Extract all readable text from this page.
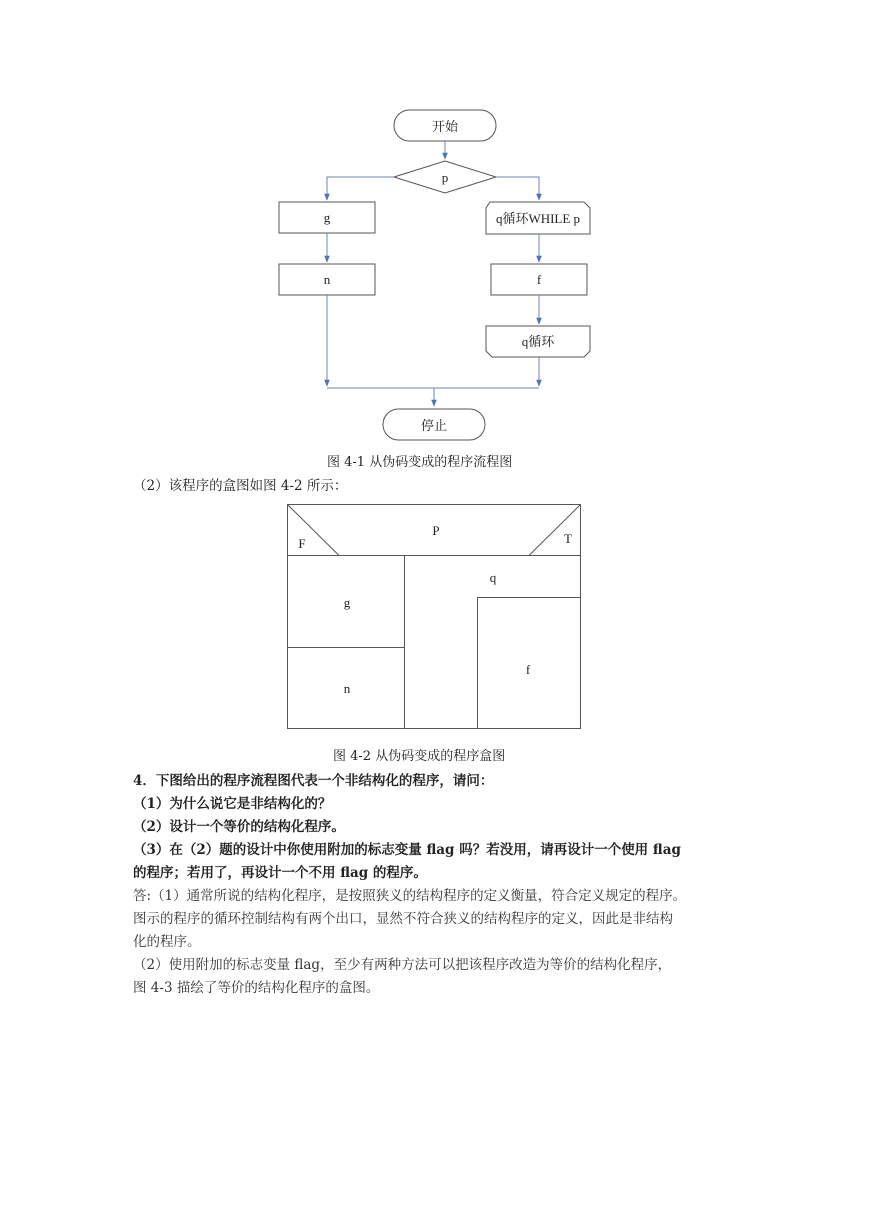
开始
p
g
n
q循环WHILE p
f
q循环
停止
图 4-1 从伪码变成的程序流程图
（2）该程序的盒图如图 4-2 所示：
P
F	T
g
n
q
f
图 4-2 从伪码变成的程序盒图
4．下图给出的程序流程图代表一个非结构化的程序，请问：
（1）为什么说它是非结构化的？
（2）设计一个等价的结构化程序。
（3）在（2）题的设计中你使用附加的标志变量 flag 吗？若没用，请再设计一个使用 flag
的程序；若用了，再设计一个不用 flag 的程序。
答:（1）通常所说的结构化程序，是按照狭义的结构程序的定义衡量，符合定义规定的程序。
图示的程序的循环控制结构有两个出口，显然不符合狭义的结构程序的定义，因此是非结构
化的程序。
（2）使用附加的标志变量 flag，至少有两种方法可以把该程序改造为等价的结构化程序，
图 4-3 描绘了等价的结构化程序的盒图。
